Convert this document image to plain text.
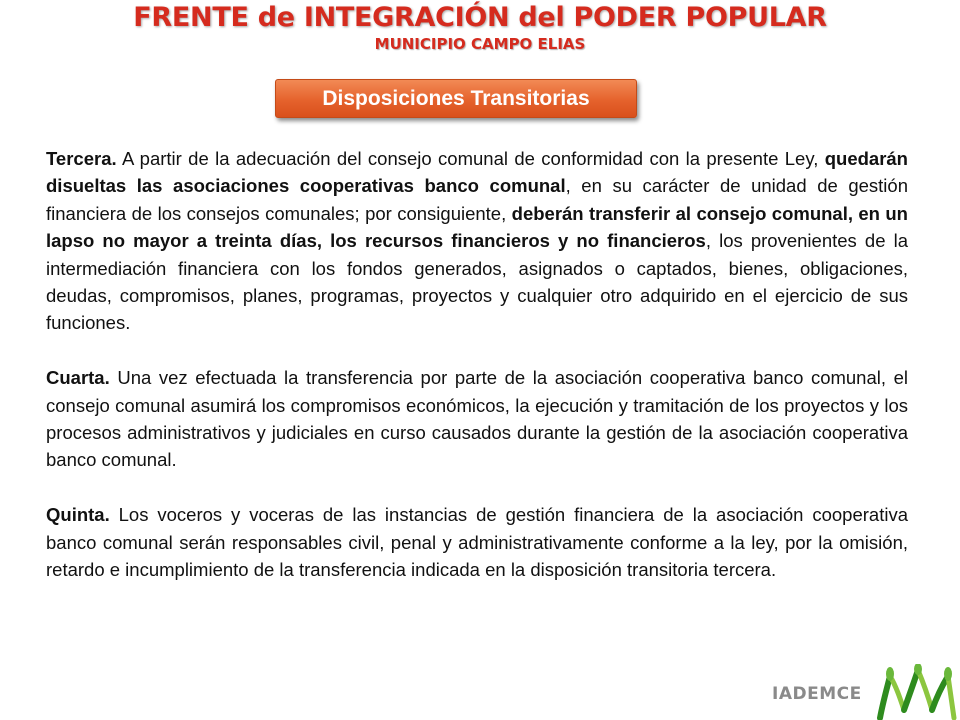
FRENTE de INTEGRACIÓN del PODER POPULAR
MUNICIPIO CAMPO ELIAS
Disposiciones Transitorias

Tercera. A partir de la adecuación del consejo comunal de conformidad con la presente Ley, quedarán disueltas las asociaciones cooperativas banco comunal, en su carácter de unidad de gestión financiera de los consejos comunales; por consiguiente, deberán transferir al consejo comunal, en un lapso no mayor a treinta días, los recursos financieros y no financieros, los provenientes de la intermediación financiera con los fondos generados, asignados o captados, bienes, obligaciones, deudas, compromisos, planes, programas, proyectos y cualquier otro adquirido en el ejercicio de sus funciones.

Cuarta. Una vez efectuada la transferencia por parte de la asociación cooperativa banco comunal, el consejo comunal asumirá los compromisos económicos, la ejecución y tramitación de los proyectos y los procesos administrativos y judiciales en curso causados durante la gestión de la asociación cooperativa banco comunal.

Quinta. Los voceros y voceras de las instancias de gestión financiera de la asociación cooperativa banco comunal serán responsables civil, penal y administrativamente conforme a la ley, por la omisión, retardo e incumplimiento de la transferencia indicada en la disposición transitoria tercera.

IADEMCE
